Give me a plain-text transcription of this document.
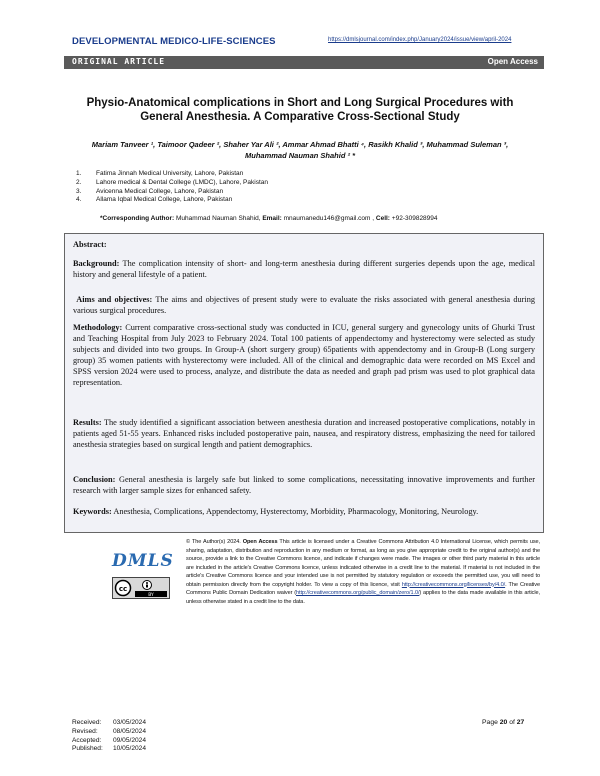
DEVELOPMENTAL MEDICO-LIFE-SCIENCES	https://dmlsjournal.com/index.php/January2024/issue/view/april-2024
ORIGINAL ARTICLE	Open Access
Physio-Anatomical complications in Short and Long Surgical Procedures with General Anesthesia. A Comparative Cross-Sectional Study
Mariam Tanveer ¹, Taimoor Qadeer ², Shaher Yar Ali ², Ammar Ahmad Bhatti ⁴, Rasikh Khalid ³, Muhammad Suleman ³, Muhammad Nauman Shahid ² *
1. Fatima Jinnah Medical University, Lahore, Pakistan
2. Lahore medical & Dental College (LMDC), Lahore, Pakistan
3. Avicenna Medical College, Lahore, Pakistan
4. Allama Iqbal Medical College, Lahore, Pakistan
*Corresponding Author: Muhammad Nauman Shahid, Email: mnaumanedu146@gmail.com , Cell: +92-309828994
Abstract:
Background: The complication intensity of short- and long-term anesthesia during different surgeries depends upon the age, medical history and general lifestyle of a patient.
Aims and objectives: The aims and objectives of present study were to evaluate the risks associated with general anesthesia during various surgical procedures.
Methodology: Current comparative cross-sectional study was conducted in ICU, general surgery and gynecology units of Ghurki Trust and Teaching Hospital from July 2023 to February 2024. Total 100 patients of appendectomy and hysterectomy were selected as study subjects and divided into two groups. In Group-A (short surgery group) 65patients with appendectomy and in Group-B (Long surgery group) 35 women patients with hysterectomy were included. All of the clinical and demographic data were recorded on MS Excel and SPSS version 2024 were used to process, analyze, and distribute the data as needed and graph pad prism was used to plot graphical data representation.
Results: The study identified a significant association between anesthesia duration and increased postoperative complications, notably in patients aged 51-55 years. Enhanced risks included postoperative pain, nausea, and respiratory distress, emphasizing the need for tailored anesthesia strategies based on surgical length and patient demographics.
Conclusion: General anesthesia is largely safe but linked to some complications, necessitating innovative improvements and further research with larger sample sizes for enhanced safety.
Keywords: Anesthesia, Complications, Appendectomy, Hysterectomy, Morbidity, Pharmacology, Monitoring, Neurology.
DMLS
cc
BY
© The Author(s) 2024. Open Access This article is licensed under a Creative Commons Attribution 4.0 International License, which permits use, sharing, adaptation, distribution and reproduction in any medium or format, as long as you give appropriate credit to the original author(s) and the source, provide a link to the Creative Commons licence, and indicate if changes were made. The images or other third party material in this article are included in the article's Creative Commons licence, unless indicated otherwise in a credit line to the material. If material is not included in the article's Creative Commons licence and your intended use is not permitted by statutory regulation or exceeds the permitted use, you will need to obtain permission directly from the copyright holder. To view a copy of this licence, visit http://creativecommons.org/licenses/by/4.0/. The Creative Commons Public Domain Dedication waiver (http://creativecommons.org/public_domain/zero/1.0/) applies to the data made available in this article, unless otherwise stated in a credit line to the data.
Received: 03/05/2024
Revised: 08/05/2024
Accepted: 09/05/2024
Published: 10/05/2024
Page 20 of 27
